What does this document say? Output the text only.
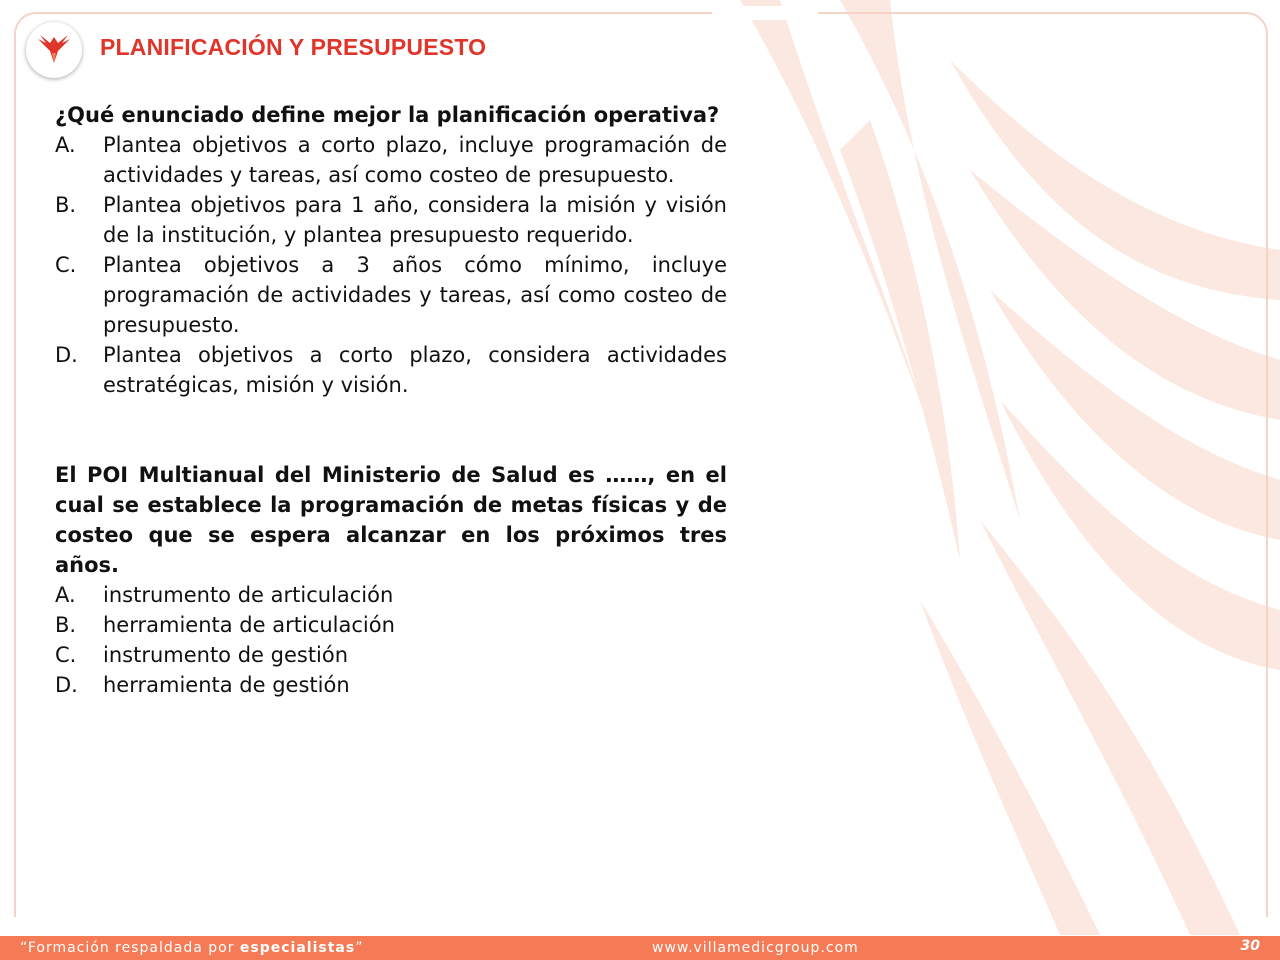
PLANIFICACIÓN Y PRESUPUESTO

¿Qué enunciado define mejor la planificación operativa?

A. Plantea objetivos a corto plazo, incluye programación de actividades y tareas, así como costeo de presupuesto.
B. Plantea objetivos para 1 año, considera la misión y visión de la institución, y plantea presupuesto requerido.
C. Plantea objetivos a 3 años cómo mínimo, incluye programación de actividades y tareas, así como costeo de presupuesto.
D. Plantea objetivos a corto plazo, considera actividades estratégicas, misión y visión.

El POI Multianual del Ministerio de Salud es ……, en el cual se establece la programación de metas físicas y de costeo que se espera alcanzar en los próximos tres años.

A. instrumento de articulación
B. herramienta de articulación
C. instrumento de gestión
D. herramienta de gestión
“Formación respaldada por especialistas”	www.villamedicgroup.com	30
